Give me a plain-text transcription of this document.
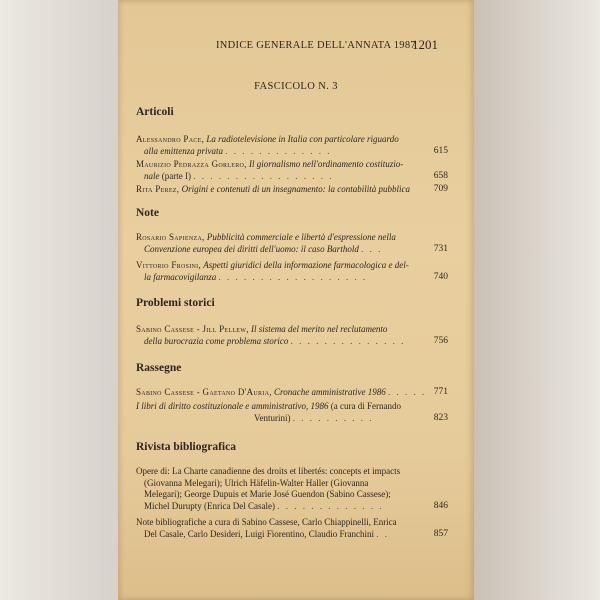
INDICE GENERALE DELL'ANNATA 1987
1201
FASCICOLO N. 3
Articoli
Alessandro Pace, La radiotelevisione in Italia con particolare riguardo
alla emittenza privata . . . . . . . . . . . . .	615
Maurizio Pedrazza Gorlero, Il giornalismo nell'ordinamento costituzio-
nale (parte I) . . . . . . . . . . . . . . . . .	658
Rita Perez, Origini e contenuti di un insegnamento: la contabilità pubblica 709
Note
Rosario Sapienza, Pubblicità commerciale e libertà d'espressione nella
Convenzione europea dei diritti dell'uomo: il caso Barthold . . .	731
Vittorio Frosini, Aspetti giuridici della informazione farmacologica e del-
la farmacovigilanza . . . . . . . . . . . . . . . . . .	740
Problemi storici
Sabino Cassese - Jill Pellew, Il sistema del merito nel reclutamento
della burocrazia come problema storico . . . . . . . . . . . . . .	756
Rassegne
Sabino Cassese - Gaetano D'Auria, Cronache amministrative 1986 . . . . . 771
I libri di diritto costituzionale e amministrativo, 1986 (a cura di Fernando
Venturini) . . . . . . . . . .	823
Rivista bibliografica
Opere di: La Charte canadienne des droits et libertés: concepts et impacts
(Giovanna Melegari); Ulrich Häfelin-Walter Haller (Giovanna
Melegari); George Dupuis et Marie José Guendon (Sabino Cassese);
Michel Durupty (Enrica Del Casale) . . . . . . . . . . . . .	846
Note bibliografiche a cura di Sabino Cassese, Carlo Chiappinelli, Enrica
Del Casale, Carlo Desideri, Luigi Fiorentino, Claudio Franchini . .	857
